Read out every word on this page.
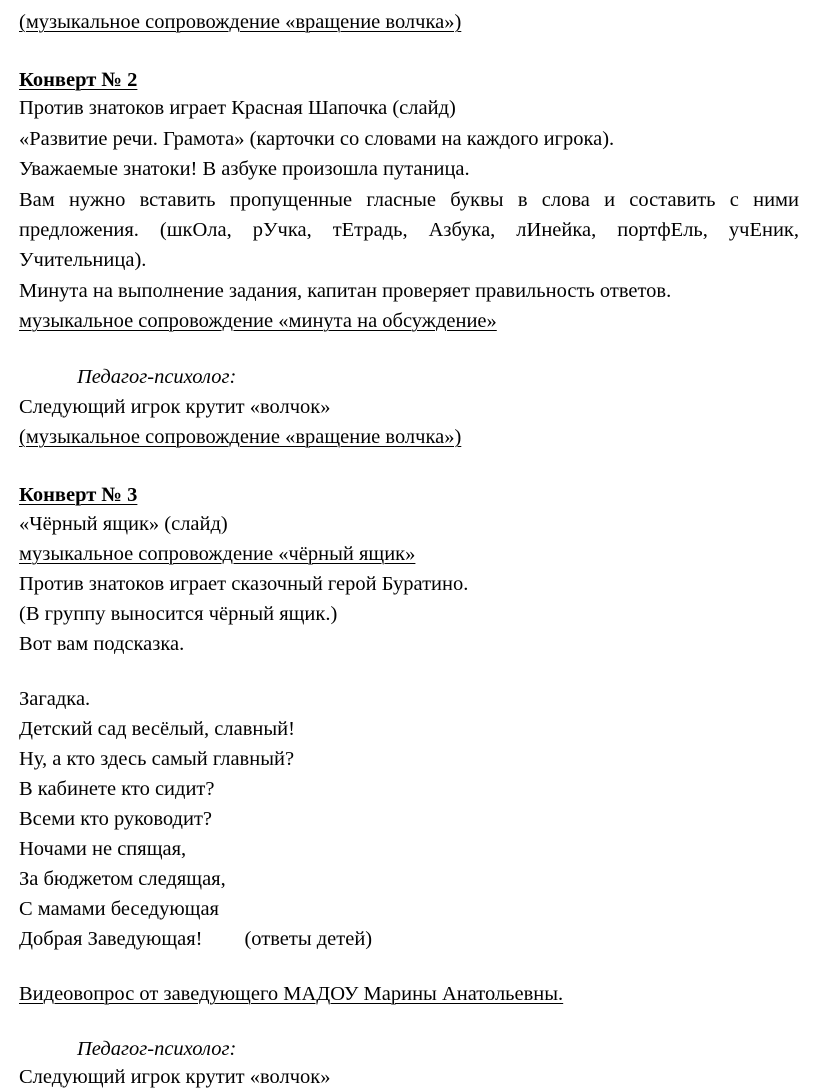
(музыкальное сопровождение «вращение волчка»)
Конверт № 2
Против знатоков играет Красная Шапочка (слайд)
«Развитие речи. Грамота» (карточки со словами на каждого игрока).
Уважаемые знатоки! В азбуке произошла путаница.
Вам нужно вставить пропущенные гласные буквы в слова и составить с ними
предложения. (шкОла, рУчка, тЕтрадь, Азбука, лИнейка, портфЕль, учЕник,
Учительница).
Минута на выполнение задания, капитан проверяет правильность ответов.
музыкальное сопровождение «минута на обсуждение»
Педагог-психолог:
Следующий игрок крутит «волчок»
(музыкальное сопровождение «вращение волчка»)
Конверт № 3
«Чёрный ящик» (слайд)
музыкальное сопровождение «чёрный ящик»
Против знатоков играет сказочный герой Буратино.
(В группу выносится чёрный ящик.)
Вот вам подсказка.
Загадка.
Детский сад весёлый, славный!
Ну, а кто здесь самый главный?
В кабинете кто сидит?
Всеми кто руководит?
Ночами не спящая,
За бюджетом следящая,
С мамами беседующая
Добрая Заведующая! (ответы детей)
Видеовопрос от заведующего МАДОУ Марины Анатольевны.
Педагог-психолог:
Следующий игрок крутит «волчок»
